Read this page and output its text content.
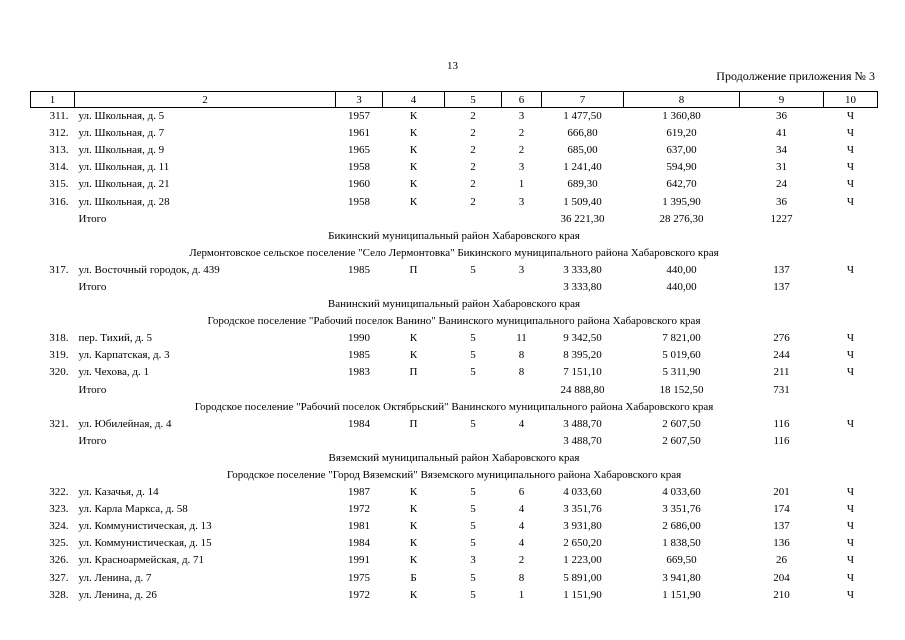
13
Продолжение приложения № 3
1	2	3	4	5	6	7	8	9	10
311.	ул. Школьная, д. 5	1957	К	2	3	1 477,50	1 360,80	36	Ч
312.	ул. Школьная, д. 7	1961	К	2	2	666,80	619,20	41	Ч
313.	ул. Школьная, д. 9	1965	К	2	2	685,00	637,00	34	Ч
314.	ул. Школьная, д. 11	1958	К	2	3	1 241,40	594,90	31	Ч
315.	ул. Школьная, д. 21	1960	К	2	1	689,30	642,70	24	Ч
316.	ул. Школьная, д. 28	1958	К	2	3	1 509,40	1 395,90	36	Ч
	Итого					36 221,30	28 276,30	1227	
Бикинский муниципальный район Хабаровского края									
Лермонтовское сельское поселение "Село Лермонтовка" Бикинского муниципального района Хабаровского края									
317.	ул. Восточный городок, д. 439	1985	П	5	3	3 333,80	440,00	137	Ч
	Итого					3 333,80	440,00	137	
Ванинский муниципальный район Хабаровского края									
Городское поселение "Рабочий поселок Ванино" Ванинского муниципального района Хабаровского края									
318.	пер. Тихий, д. 5	1990	К	5	11	9 342,50	7 821,00	276	Ч
319.	ул. Карпатская, д. 3	1985	К	5	8	8 395,20	5 019,60	244	Ч
320.	ул. Чехова, д. 1	1983	П	5	8	7 151,10	5 311,90	211	Ч
	Итого					24 888,80	18 152,50	731	
Городское поселение "Рабочий поселок Октябрьский" Ванинского муниципального района Хабаровского края									
321.	ул. Юбилейная, д. 4	1984	П	5	4	3 488,70	2 607,50	116	Ч
	Итого					3 488,70	2 607,50	116	
Вяземский муниципальный район Хабаровского края									
Городское поселение "Город Вяземский" Вяземского муниципального района Хабаровского края									
322.	ул. Казачья, д. 14	1987	К	5	6	4 033,60	4 033,60	201	Ч
323.	ул. Карла Маркса, д. 58	1972	К	5	4	3 351,76	3 351,76	174	Ч
324.	ул. Коммунистическая, д. 13	1981	К	5	4	3 931,80	2 686,00	137	Ч
325.	ул. Коммунистическая, д. 15	1984	К	5	4	2 650,20	1 838,50	136	Ч
326.	ул. Красноармейская, д. 71	1991	К	3	2	1 223,00	669,50	26	Ч
327.	ул. Ленина, д. 7	1975	Б	5	8	5 891,00	3 941,80	204	Ч
328.	ул. Ленина, д. 26	1972	К	5	1	1 151,90	1 151,90	210	Ч
